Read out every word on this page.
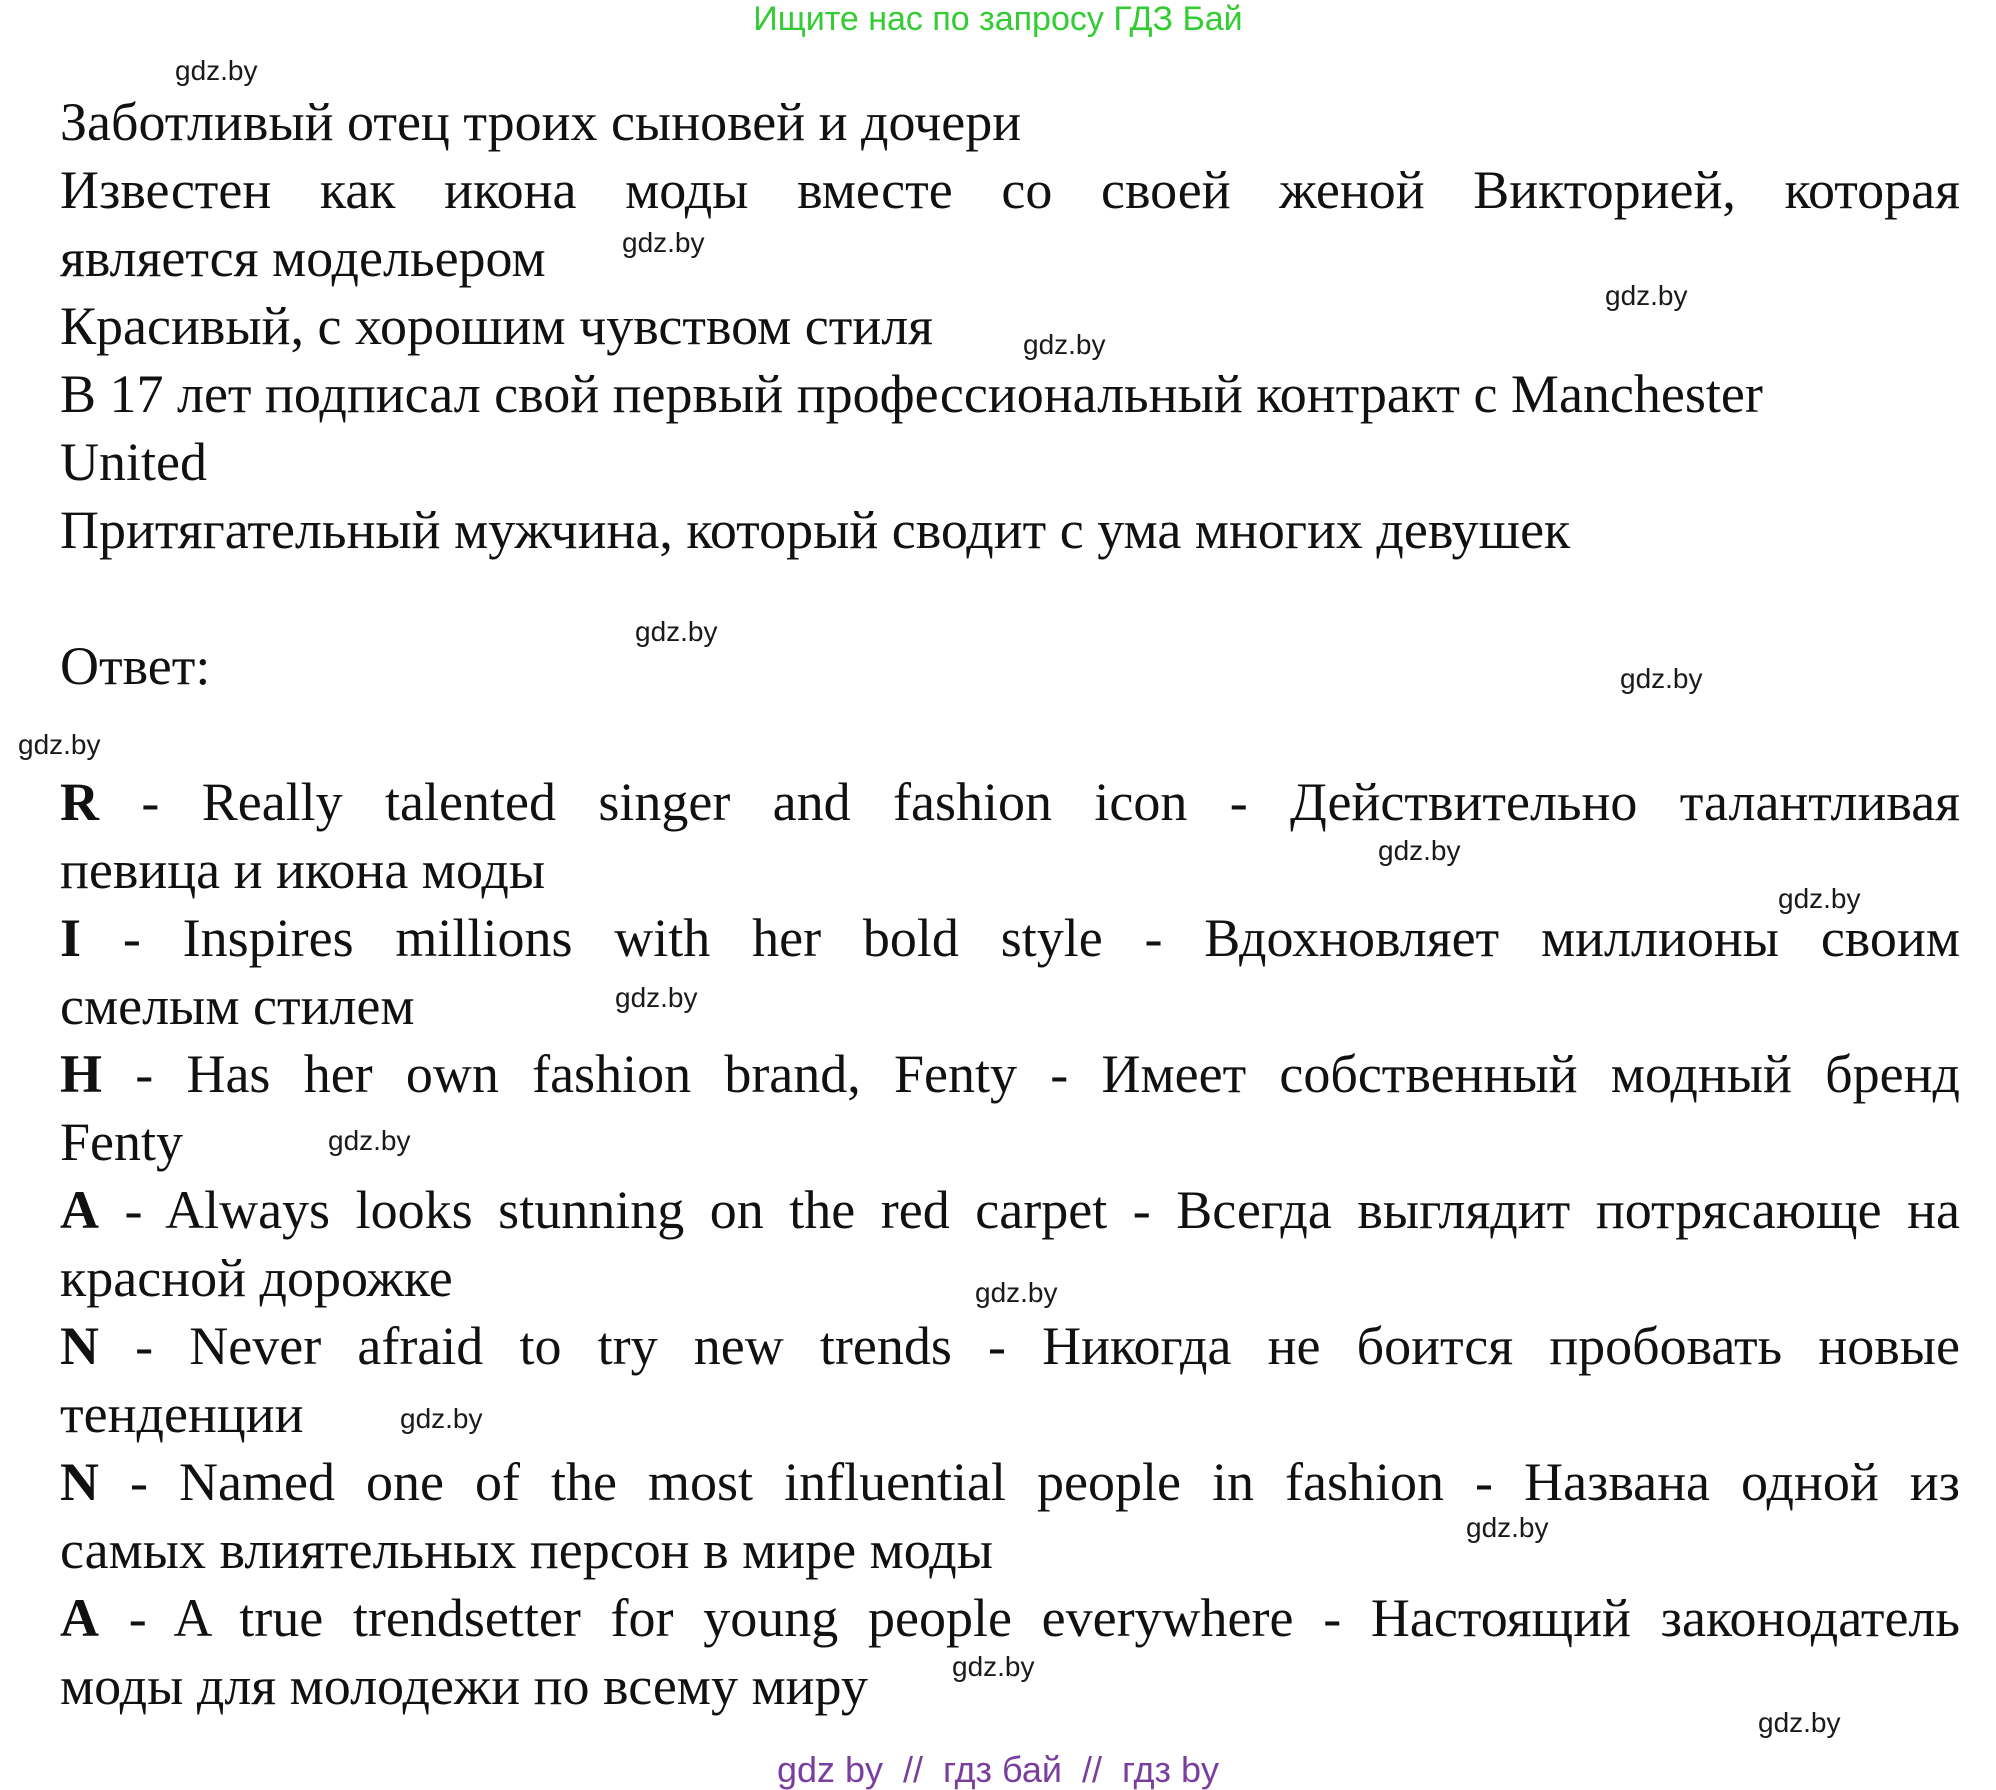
Ищите нас по запросу ГДЗ Бай
gdz.by
gdz.by
gdz.by
gdz.by
gdz.by
gdz.by
gdz.by
gdz.by
gdz.by
gdz.by
gdz.by
gdz.by
gdz.by
gdz.by
gdz.by
gdz.by
Заботливый отец троих сыновей и дочери
Известен как икона моды вместе со своей женой Викторией, которая
является модельером
Красивый, с хорошим чувством стиля
В 17 лет подписал свой первый профессиональный контракт с Manchester
United
Притягательный мужчина, который сводит с ума многих девушек
Ответ:
R - Really talented singer and fashion icon - Действительно талантливая
певица и икона моды
I - Inspires millions with her bold style - Вдохновляет миллионы своим
смелым стилем
H - Has her own fashion brand, Fenty - Имеет собственный модный бренд
Fenty
A - Always looks stunning on the red carpet - Всегда выглядит потрясающе на
красной дорожке
N - Never afraid to try new trends - Никогда не боится пробовать новые
тенденции
N - Named one of the most influential people in fashion - Названа одной из
самых влиятельных персон в мире моды
A - A true trendsetter for young people everywhere - Настоящий законодатель
моды для молодежи по всему миру
gdz by  //  гдз бай  //  гдз by
